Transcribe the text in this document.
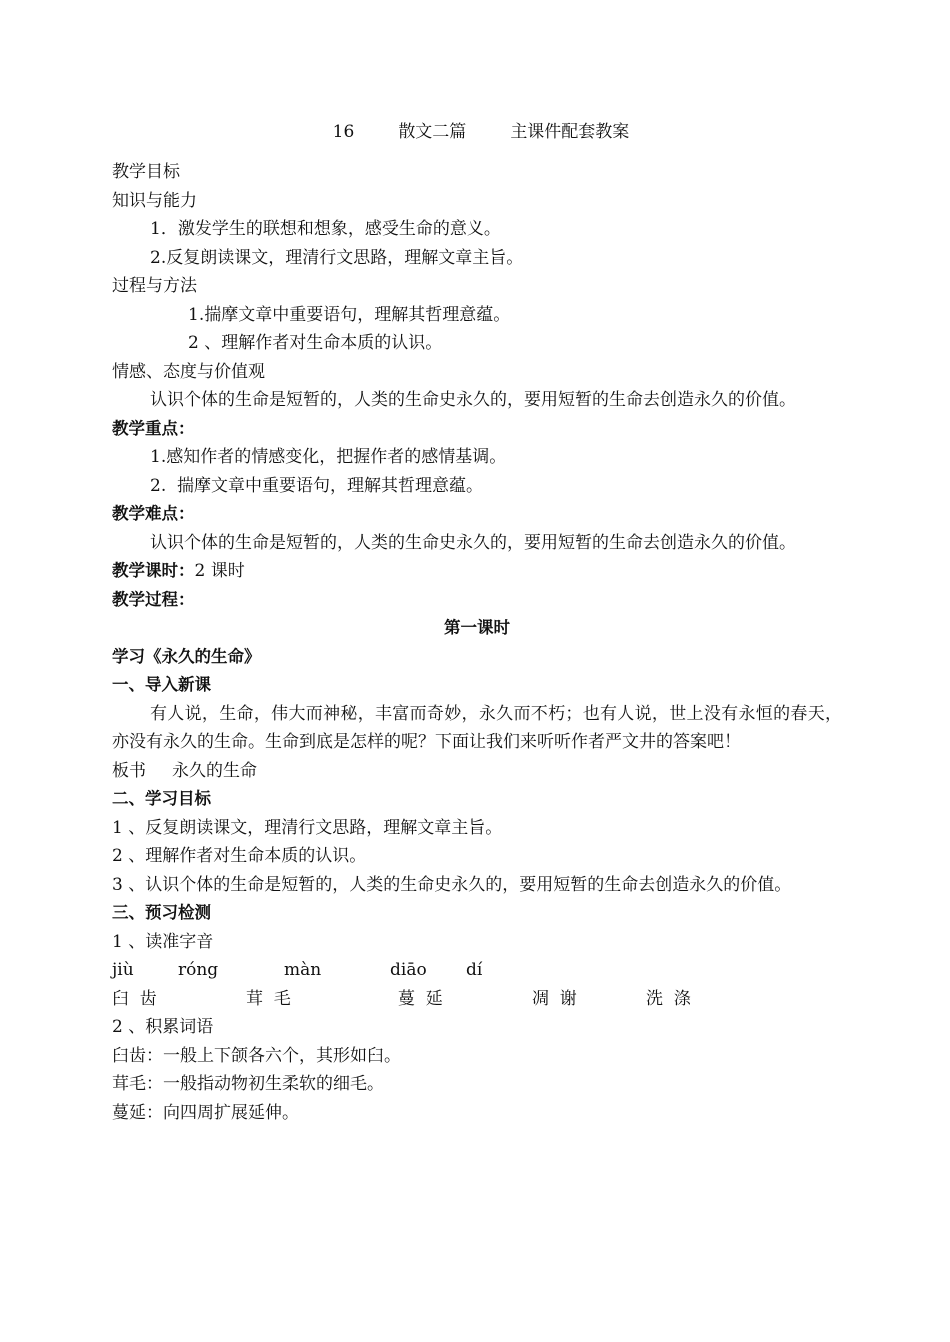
16	散文二篇	主课件配套教案
教学目标
知识与能力
1．激发学生的联想和想象，感受生命的意义。
2.反复朗读课文，理清行文思路，理解文章主旨。
过程与方法
1.揣摩文章中重要语句，理解其哲理意蕴。
2 、理解作者对生命本质的认识。
情感、态度与价值观
认识个体的生命是短暂的，人类的生命史永久的，要用短暂的生命去创造永久的价值。
教学重点：
1.感知作者的情感变化，把握作者的感情基调。
2.  揣摩文章中重要语句，理解其哲理意蕴。
教学难点：
认识个体的生命是短暂的，人类的生命史永久的，要用短暂的生命去创造永久的价值。
教学课时：2 课时
教学过程：
第一课时
学习《永久的生命》
一、导入新课
有人说，生命，伟大而神秘，丰富而奇妙，永久而不朽；也有人说，世上没有永恒的春天，亦没有永久的生命。生命到底是怎样的呢？下面让我们来听听作者严文井的答案吧！
板书 永久的生命
二、学习目标
1 、反复朗读课文，理清行文思路，理解文章主旨。
2 、理解作者对生命本质的认识。
3 、认识个体的生命是短暂的，人类的生命史永久的，要用短暂的生命去创造永久的价值。
三、预习检测
1 、读准字音
jiù	róng	màn	diāo dí
臼  齿	茸  毛	蔓  延	凋  谢	洗  涤
2 、积累词语
臼齿：一般上下颌各六个，其形如臼。
茸毛：一般指动物初生柔软的细毛。
蔓延：向四周扩展延伸。
